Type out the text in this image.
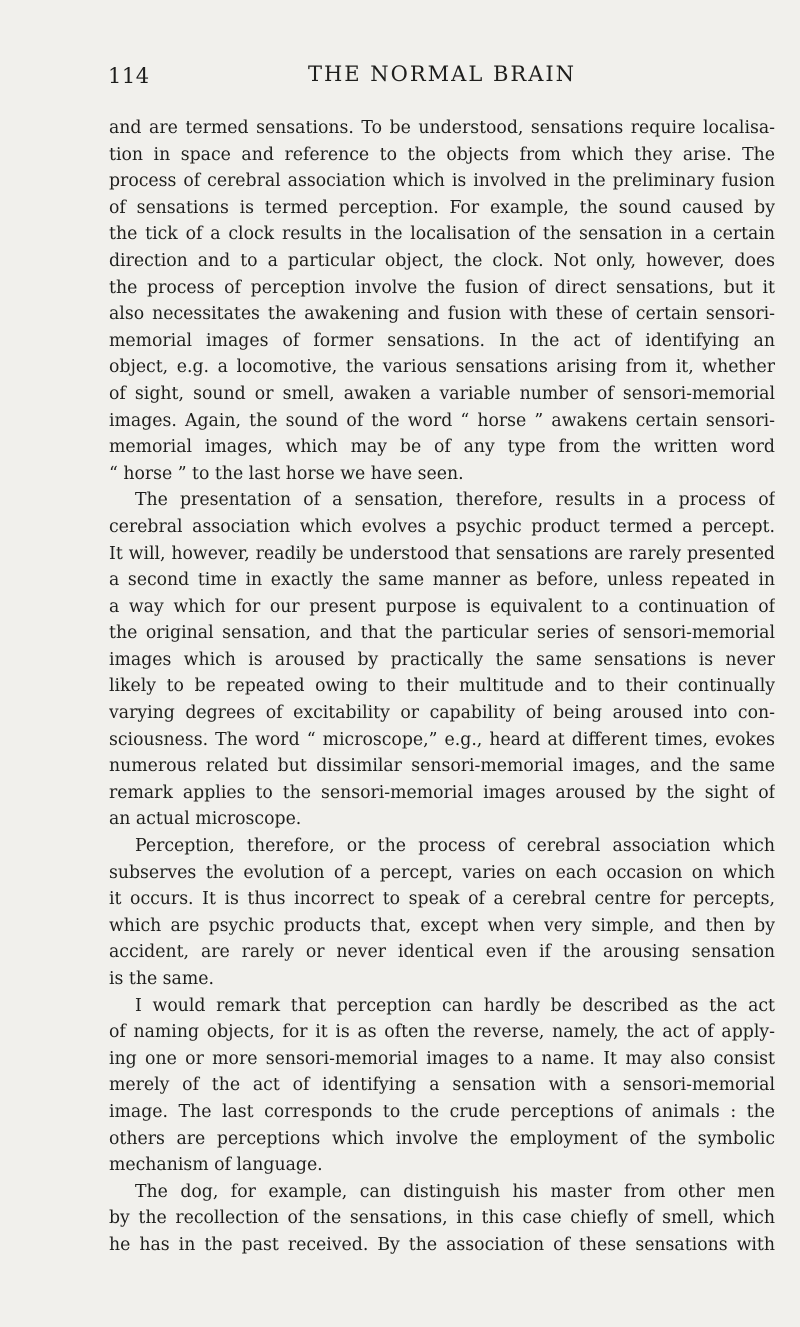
114	THE NORMAL BRAIN
and are termed sensations. To be understood, sensations require localisa-
tion in space and reference to the objects from which they arise. The
process of cerebral association which is involved in the preliminary fusion
of sensations is termed perception. For example, the sound caused by
the tick of a clock results in the localisation of the sensation in a certain
direction and to a particular object, the clock. Not only, however, does
the process of perception involve the fusion of direct sensations, but it
also necessitates the awakening and fusion with these of certain sensori-
memorial images of former sensations. In the act of identifying an
object, e.g. a locomotive, the various sensations arising from it, whether
of sight, sound or smell, awaken a variable number of sensori-memorial
images. Again, the sound of the word “ horse ” awakens certain sensori-
memorial images, which may be of any type from the written word
“ horse ” to the last horse we have seen.
The presentation of a sensation, therefore, results in a process of
cerebral association which evolves a psychic product termed a percept.
It will, however, readily be understood that sensations are rarely presented
a second time in exactly the same manner as before, unless repeated in
a way which for our present purpose is equivalent to a continuation of
the original sensation, and that the particular series of sensori-memorial
images which is aroused by practically the same sensations is never
likely to be repeated owing to their multitude and to their continually
varying degrees of excitability or capability of being aroused into con-
sciousness. The word “ microscope,” e.g., heard at different times, evokes
numerous related but dissimilar sensori-memorial images, and the same
remark applies to the sensori-memorial images aroused by the sight of
an actual microscope.
Perception, therefore, or the process of cerebral association which
subserves the evolution of a percept, varies on each occasion on which
it occurs. It is thus incorrect to speak of a cerebral centre for percepts,
which are psychic products that, except when very simple, and then by
accident, are rarely or never identical even if the arousing sensation
is the same.
I would remark that perception can hardly be described as the act
of naming objects, for it is as often the reverse, namely, the act of apply-
ing one or more sensori-memorial images to a name. It may also consist
merely of the act of identifying a sensation with a sensori-memorial
image. The last corresponds to the crude perceptions of animals : the
others are perceptions which involve the employment of the symbolic
mechanism of language.
The dog, for example, can distinguish his master from other men
by the recollection of the sensations, in this case chiefly of smell, which
he has in the past received. By the association of these sensations with
